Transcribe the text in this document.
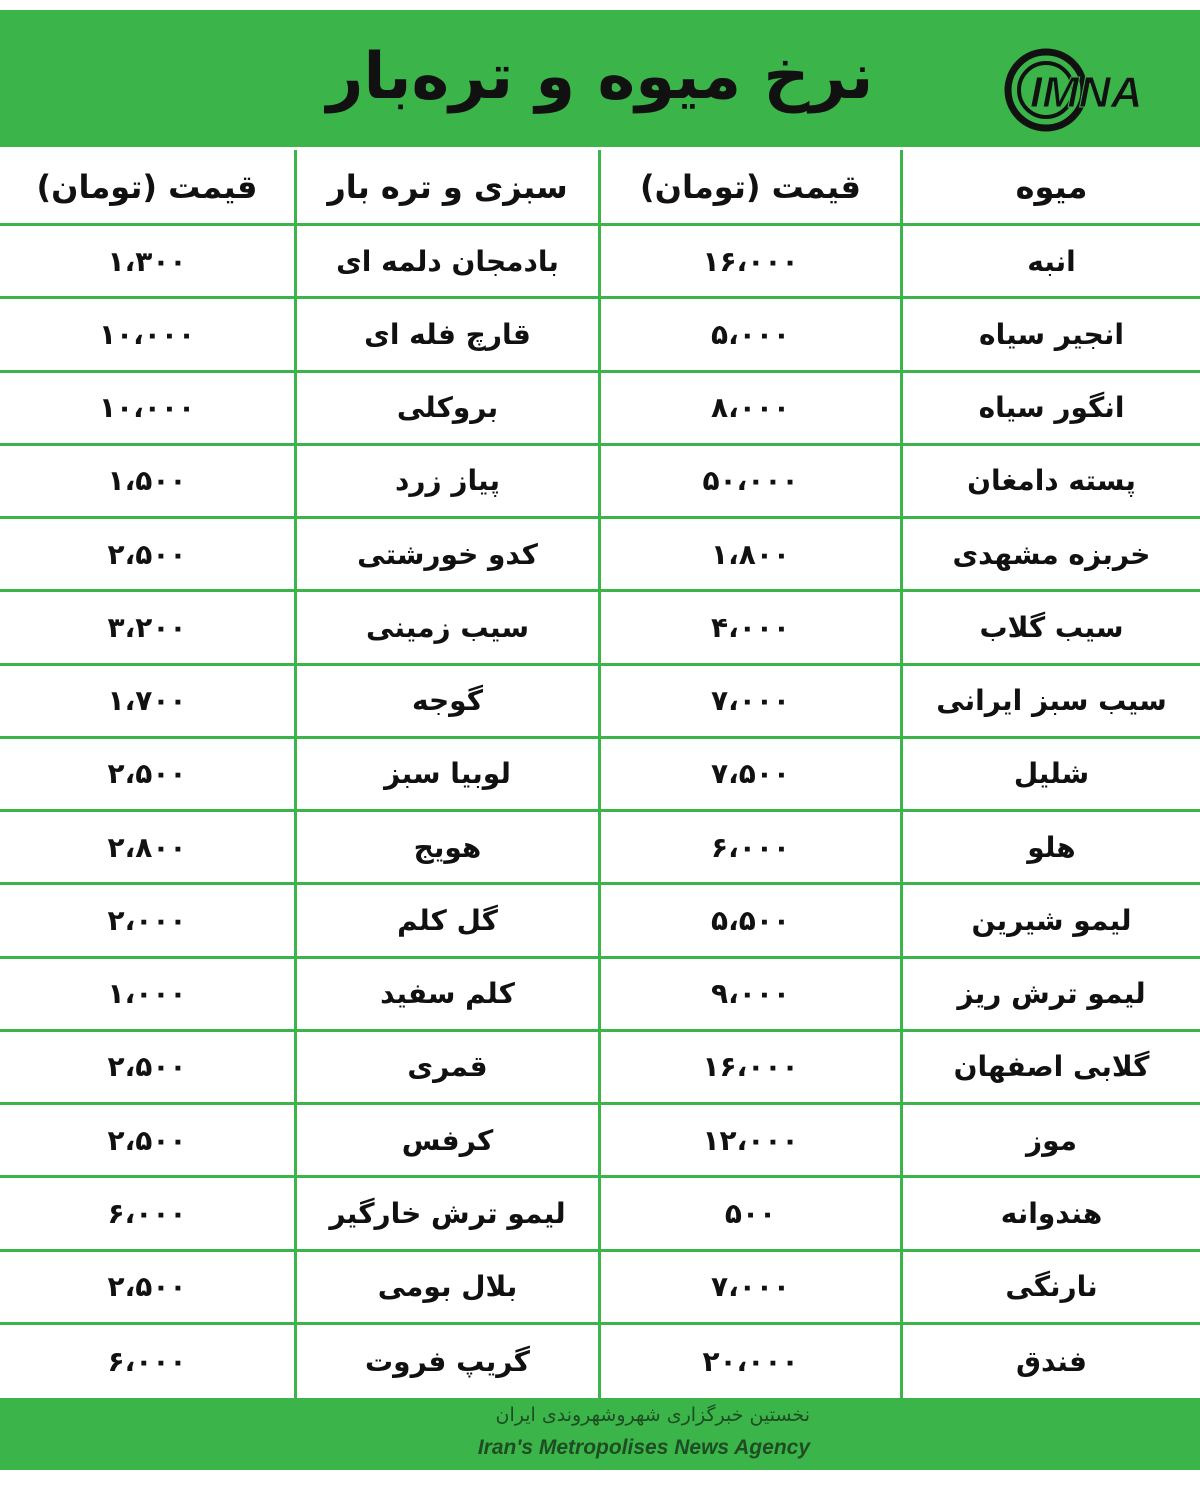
نرخ میوه و تره‌بار	IMNA
میوه
قیمت (تومان)
سبزی و تره بار
قیمت (تومان)
انبه
۱۶،۰۰۰
بادمجان دلمه ای
۱،۳۰۰
انجیر سیاه
۵،۰۰۰
قارچ فله ای
۱۰،۰۰۰
انگور سیاه
۸،۰۰۰
بروکلی
۱۰،۰۰۰
پسته دامغان
۵۰،۰۰۰
پیاز زرد
۱،۵۰۰
خربزه مشهدی
۱،۸۰۰
کدو خورشتی
۲،۵۰۰
سیب گلاب
۴،۰۰۰
سیب زمینی
۳،۲۰۰
سیب سبز ایرانی
۷،۰۰۰
گوجه
۱،۷۰۰
شلیل
۷،۵۰۰
لوبیا سبز
۲،۵۰۰
هلو
۶،۰۰۰
هویج
۲،۸۰۰
لیمو شیرین
۵،۵۰۰
گل کلم
۲،۰۰۰
لیمو ترش ریز
۹،۰۰۰
کلم سفید
۱،۰۰۰
گلابی اصفهان
۱۶،۰۰۰
قمری
۲،۵۰۰
موز
۱۲،۰۰۰
کرفس
۲،۵۰۰
هندوانه
۵۰۰
لیمو ترش خارگیر
۶،۰۰۰
نارنگی
۷،۰۰۰
بلال بومی
۲،۵۰۰
فندق
۲۰،۰۰۰
گریپ فروت
۶،۰۰۰
نخستین خبرگزاری شهروشهروندی ایران
Iran's Metropolises News Agency
